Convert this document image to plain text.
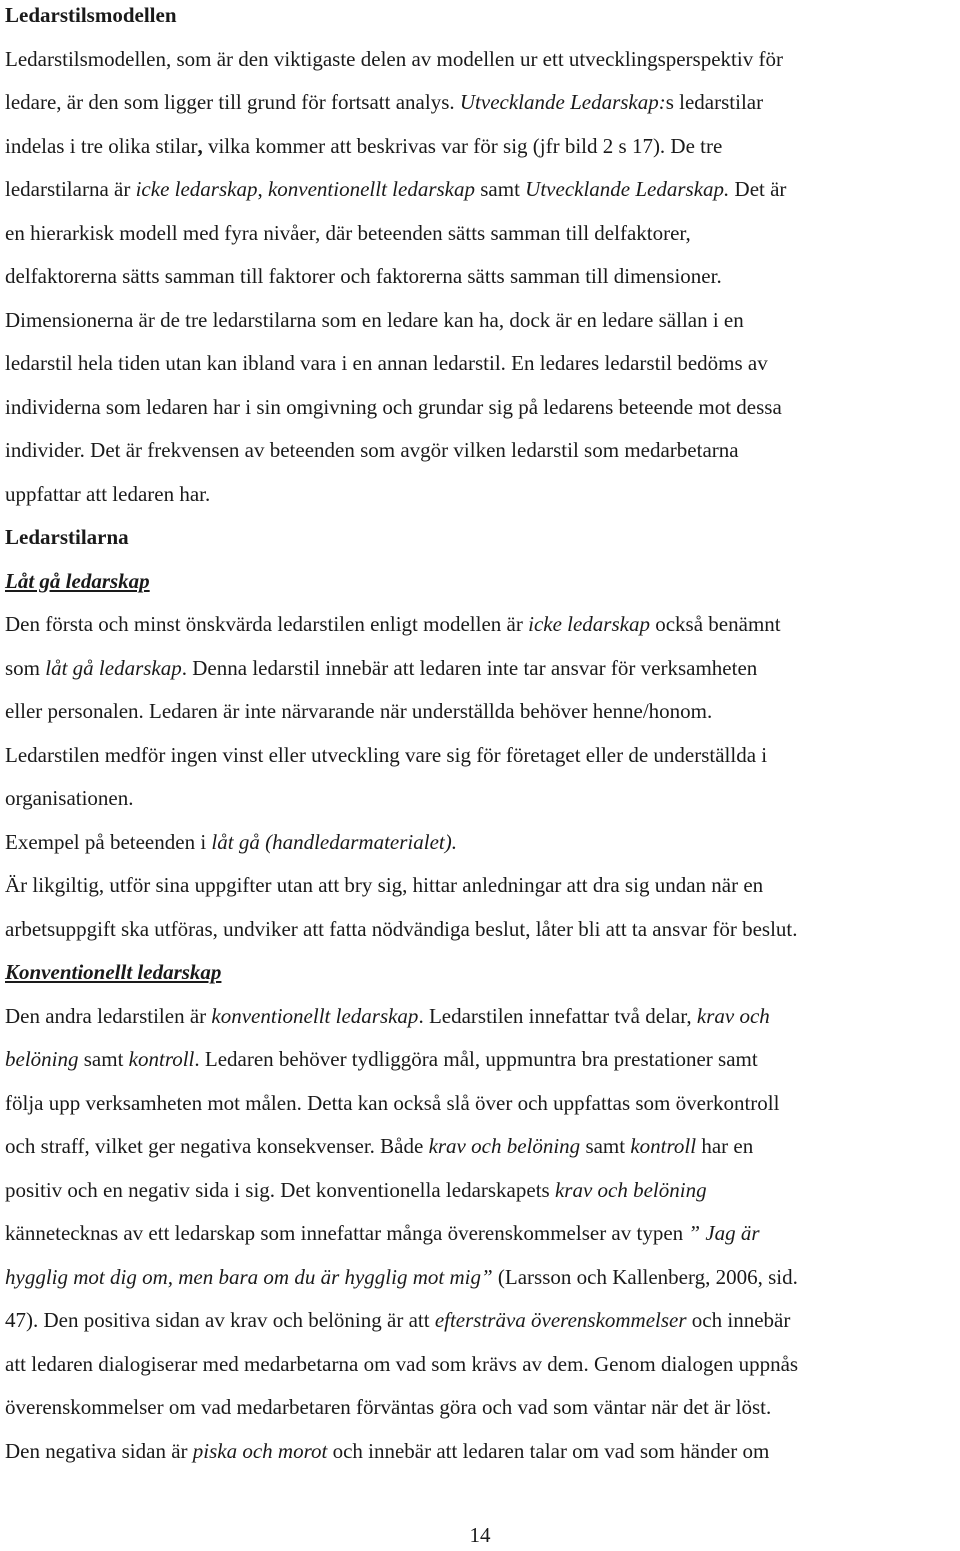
Ledarstilsmodellen
Ledarstilsmodellen, som är den viktigaste delen av modellen ur ett utvecklingsperspektiv för
ledare, är den som ligger till grund för fortsatt analys. Utvecklande Ledarskap:s ledarstilar
indelas i tre olika stilar, vilka kommer att beskrivas var för sig (jfr bild 2 s 17). De tre
ledarstilarna är icke ledarskap, konventionellt ledarskap samt Utvecklande Ledarskap. Det är
en hierarkisk modell med fyra nivåer, där beteenden sätts samman till delfaktorer,
delfaktorerna sätts samman till faktorer och faktorerna sätts samman till dimensioner.
Dimensionerna är de tre ledarstilarna som en ledare kan ha, dock är en ledare sällan i en
ledarstil hela tiden utan kan ibland vara i en annan ledarstil. En ledares ledarstil bedöms av
individerna som ledaren har i sin omgivning och grundar sig på ledarens beteende mot dessa
individer. Det är frekvensen av beteenden som avgör vilken ledarstil som medarbetarna
uppfattar att ledaren har.
Ledarstilarna
Låt gå ledarskap
Den första och minst önskvärda ledarstilen enligt modellen är icke ledarskap också benämnt
som låt gå ledarskap. Denna ledarstil innebär att ledaren inte tar ansvar för verksamheten
eller personalen. Ledaren är inte närvarande när underställda behöver henne/honom.
Ledarstilen medför ingen vinst eller utveckling vare sig för företaget eller de underställda i
organisationen.
Exempel på beteenden i låt gå (handledarmaterialet).
Är likgiltig, utför sina uppgifter utan att bry sig, hittar anledningar att dra sig undan när en
arbetsuppgift ska utföras, undviker att fatta nödvändiga beslut, låter bli att ta ansvar för beslut.
Konventionellt ledarskap
Den andra ledarstilen är konventionellt ledarskap. Ledarstilen innefattar två delar, krav och
belöning samt kontroll. Ledaren behöver tydliggöra mål, uppmuntra bra prestationer samt
följa upp verksamheten mot målen. Detta kan också slå över och uppfattas som överkontroll
och straff, vilket ger negativa konsekvenser. Både krav och belöning samt kontroll har en
positiv och en negativ sida i sig. Det konventionella ledarskapets krav och belöning
kännetecknas av ett ledarskap som innefattar många överenskommelser av typen ” Jag är
hygglig mot dig om, men bara om du är hygglig mot mig” (Larsson och Kallenberg, 2006, sid.
47). Den positiva sidan av krav och belöning är att eftersträva överenskommelser och innebär
att ledaren dialogiserar med medarbetarna om vad som krävs av dem. Genom dialogen uppnås
överenskommelser om vad medarbetaren förväntas göra och vad som väntar när det är löst.
Den negativa sidan är piska och morot och innebär att ledaren talar om vad som händer om
14
